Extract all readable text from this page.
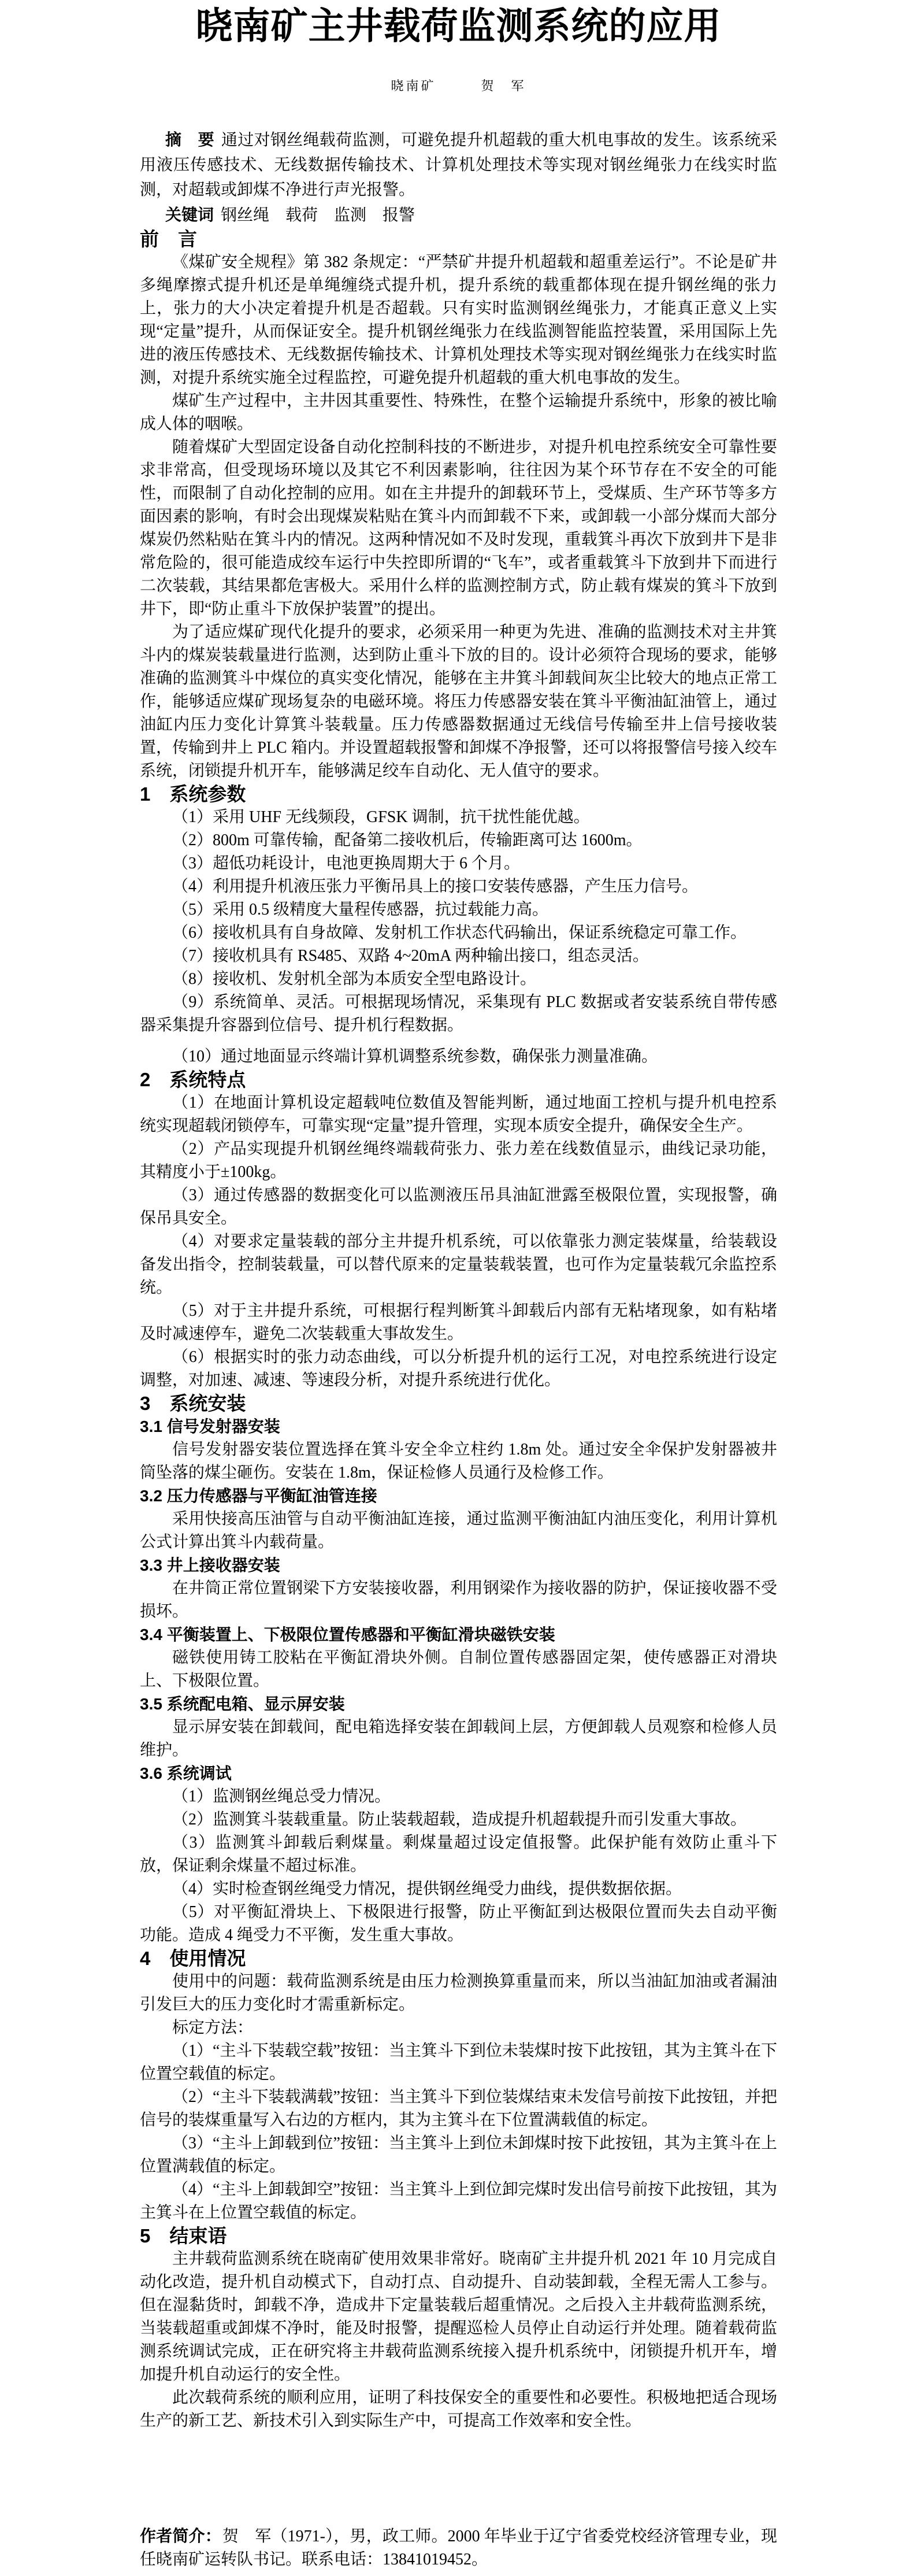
晓南矿主井载荷监测系统的应用
晓南矿　　　贺　军

摘　要 通过对钢丝绳载荷监测，可避免提升机超载的重大机电事故的发生。该系统采用液压传感技术、无线数据传输技术、计算机处理技术等实现对钢丝绳张力在线实时监测，对超载或卸煤不净进行声光报警。

关键词 钢丝绳　载荷　监测　报警

前　言
《煤矿安全规程》第 382 条规定：“严禁矿井提升机超载和超重差运行”。不论是矿井多绳摩擦式提升机还是单绳缠绕式提升机，提升系统的载重都体现在提升钢丝绳的张力上，张力的大小决定着提升机是否超载。只有实时监测钢丝绳张力，才能真正意义上实现“定量”提升，从而保证安全。提升机钢丝绳张力在线监测智能监控装置，采用国际上先进的液压传感技术、无线数据传输技术、计算机处理技术等实现对钢丝绳张力在线实时监测，对提升系统实施全过程监控，可避免提升机超载的重大机电事故的发生。
煤矿生产过程中，主井因其重要性、特殊性，在整个运输提升系统中，形象的被比喻成人体的咽喉。
随着煤矿大型固定设备自动化控制科技的不断进步，对提升机电控系统安全可靠性要求非常高，但受现场环境以及其它不利因素影响，往往因为某个环节存在不安全的可能性，而限制了自动化控制的应用。如在主井提升的卸载环节上，受煤质、生产环节等多方面因素的影响，有时会出现煤炭粘贴在箕斗内而卸载不下来，或卸载一小部分煤而大部分煤炭仍然粘贴在箕斗内的情况。这两种情况如不及时发现，重载箕斗再次下放到井下是非常危险的，很可能造成绞车运行中失控即所谓的“飞车”，或者重载箕斗下放到井下而进行二次装载，其结果都危害极大。采用什么样的监测控制方式，防止载有煤炭的箕斗下放到井下，即“防止重斗下放保护装置”的提出。
为了适应煤矿现代化提升的要求，必须采用一种更为先进、准确的监测技术对主井箕斗内的煤炭装载量进行监测，达到防止重斗下放的目的。设计必须符合现场的要求，能够准确的监测箕斗中煤位的真实变化情况，能够在主井箕斗卸载间灰尘比较大的地点正常工作，能够适应煤矿现场复杂的电磁环境。将压力传感器安装在箕斗平衡油缸油管上，通过油缸内压力变化计算箕斗装载量。压力传感器数据通过无线信号传输至井上信号接收装置，传输到井上 PLC 箱内。并设置超载报警和卸煤不净报警，还可以将报警信号接入绞车系统，闭锁提升机开车，能够满足绞车自动化、无人值守的要求。
1　系统参数
（1）采用 UHF 无线频段，GFSK 调制，抗干扰性能优越。
（2）800m 可靠传输，配备第二接收机后，传输距离可达 1600m。
（3）超低功耗设计，电池更换周期大于 6 个月。
（4）利用提升机液压张力平衡吊具上的接口安装传感器，产生压力信号。
（5）采用 0.5 级精度大量程传感器，抗过载能力高。
（6）接收机具有自身故障、发射机工作状态代码输出，保证系统稳定可靠工作。
（7）接收机具有 RS485、双路 4~20mA 两种输出接口，组态灵活。
（8）接收机、发射机全部为本质安全型电路设计。
（9）系统简单、灵活。可根据现场情况，采集现有 PLC 数据或者安装系统自带传感器采集提升容器到位信号、提升机行程数据。
（10）通过地面显示终端计算机调整系统参数，确保张力测量准确。
2　系统特点
（1）在地面计算机设定超载吨位数值及智能判断，通过地面工控机与提升机电控系统实现超载闭锁停车，可靠实现“定量”提升管理，实现本质安全提升，确保安全生产。
（2）产品实现提升机钢丝绳终端载荷张力、张力差在线数值显示，曲线记录功能，其精度小于±100kg。
（3）通过传感器的数据变化可以监测液压吊具油缸泄露至极限位置，实现报警，确保吊具安全。
（4）对要求定量装载的部分主井提升机系统，可以依靠张力测定装煤量，给装载设备发出指令，控制装载量，可以替代原来的定量装载装置，也可作为定量装载冗余监控系统。
（5）对于主井提升系统，可根据行程判断箕斗卸载后内部有无粘堵现象，如有粘堵及时减速停车，避免二次装载重大事故发生。
（6）根据实时的张力动态曲线，可以分析提升机的运行工况，对电控系统进行设定调整，对加速、减速、等速段分析，对提升系统进行优化。
3　系统安装
3.1 信号发射器安装
信号发射器安装位置选择在箕斗安全伞立柱约 1.8m 处。通过安全伞保护发射器被井筒坠落的煤尘砸伤。安装在 1.8m，保证检修人员通行及检修工作。
3.2 压力传感器与平衡缸油管连接
采用快接高压油管与自动平衡油缸连接，通过监测平衡油缸内油压变化，利用计算机公式计算出箕斗内载荷量。
3.3 井上接收器安装
在井筒正常位置钢梁下方安装接收器，利用钢梁作为接收器的防护，保证接收器不受损坏。
3.4 平衡装置上、下极限位置传感器和平衡缸滑块磁铁安装
磁铁使用铸工胶粘在平衡缸滑块外侧。自制位置传感器固定架，使传感器正对滑块上、下极限位置。
3.5 系统配电箱、显示屏安装
显示屏安装在卸载间，配电箱选择安装在卸载间上层，方便卸载人员观察和检修人员维护。
3.6 系统调试
（1）监测钢丝绳总受力情况。
（2）监测箕斗装载重量。防止装载超载，造成提升机超载提升而引发重大事故。
（3）监测箕斗卸载后剩煤量。剩煤量超过设定值报警。此保护能有效防止重斗下放，保证剩余煤量不超过标准。
（4）实时检查钢丝绳受力情况，提供钢丝绳受力曲线，提供数据依据。
（5）对平衡缸滑块上、下极限进行报警，防止平衡缸到达极限位置而失去自动平衡功能。造成 4 绳受力不平衡，发生重大事故。
4　使用情况
使用中的问题：载荷监测系统是由压力检测换算重量而来，所以当油缸加油或者漏油引发巨大的压力变化时才需重新标定。
标定方法：
（1）“主斗下装载空载”按钮：当主箕斗下到位未装煤时按下此按钮，其为主箕斗在下位置空载值的标定。
（2）“主斗下装载满载”按钮：当主箕斗下到位装煤结束未发信号前按下此按钮，并把信号的装煤重量写入右边的方框内，其为主箕斗在下位置满载值的标定。
（3）“主斗上卸载到位”按钮：当主箕斗上到位未卸煤时按下此按钮，其为主箕斗在上位置满载值的标定。
（4）“主斗上卸载卸空”按钮：当主箕斗上到位卸完煤时发出信号前按下此按钮，其为主箕斗在上位置空载值的标定。
5　结束语
主井载荷监测系统在晓南矿使用效果非常好。晓南矿主井提升机 2021 年 10 月完成自动化改造，提升机自动模式下，自动打点、自动提升、自动装卸载，全程无需人工参与。但在湿黏货时，卸载不净，造成井下定量装载后超重情况。之后投入主井载荷监测系统，当装载超重或卸煤不净时，能及时报警，提醒巡检人员停止自动运行并处理。随着载荷监测系统调试完成，正在研究将主井载荷监测系统接入提升机系统中，闭锁提升机开车，增加提升机自动运行的安全性。
此次载荷系统的顺利应用，证明了科技保安全的重要性和必要性。积极地把适合现场生产的新工艺、新技术引入到实际生产中，可提高工作效率和安全性。

作者简介：贺　军（1971-），男，政工师。2000 年毕业于辽宁省委党校经济管理专业，现任晓南矿运转队书记。联系电话：13841019452。
